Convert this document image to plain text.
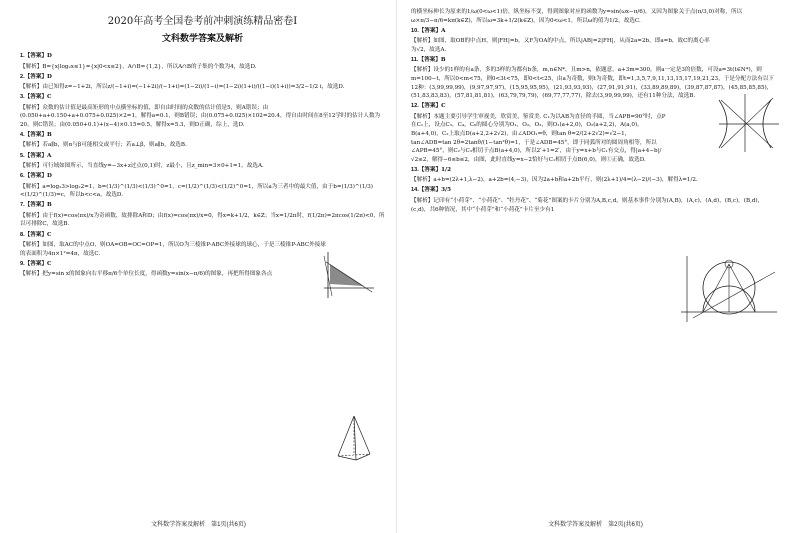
2020年高考全国卷考前冲刺演练精品密卷Ⅰ
文科数学答案及解析
1.【答案】D
【解析】B={x|log₂x≤1}={x|0<x≤2}，A∩B={1,2}，所以A∩B的子集的个数为4，故选D.
2.【答案】D
【解析】由已知得z=−1+2i，所以z/(−1+i)=(−1+2i)/(−1+i)=(1−2i)/(1−i)=(1−2i)(1+i)/((1−i)(1+i))=3/2−1/2 i，故选D.
3.【答案】C
【解析】众数的估计值是最高矩形的中点横坐标的值，即自由时间的众数的估计值是5，则A错误；由(0.050+a+0.150+a+0.075+0.025)×2=1，解得a=0.1，则B错误；由(0.075+0.025)×102=20.4，得自由时间在8至12学时的估计人数为20，则C错误；由(0.050+0.1)+(x−4)×0.15=0.5，解得x=5.3，则D正确，综上，选D.
4.【答案】B
【解析】若a∥b，则α与β可能相交或平行；若a⊥β，则a∥b，故选B.
5.【答案】A
【解析】可行域如图所示，当直线y=−3x+z过点(0,1)时，z最小，且z_min=3×0+1=1，故选A.
6.【答案】D
【解析】a=log₂3>log₂2=1，b=(1/3)^(1/3)<(1/3)^0=1，c=(1/2)^(1/3)<(1/2)^0=1，所以a为三者中的最大值，由于b=(1/3)^(1/3)<(1/2)^(1/3)=c，所以b<c<a，故选D.
7.【答案】B
【解析】由于f(x)=cos(πx)/x为奇函数，故排除A和D；由f(x)=cos(πx)/x=0，得x=k+1/2，k∈Z；当x=1/2π时，f(1/2π)=2πcos(1/2π)<0，所以可排除C，故选B.
8.【答案】C
【解析】如图，取AC的中点O，则OA=OB=OC=OP=1，所以O为三棱锥P-ABC外接球的球心，于是三棱锥P-ABC外接球的表面积为4π×1²=4π，故选C.
9.【答案】C
【解析】把y=sin x的图象向右平移π/6个单位长度，得函数y=sin(x−π/6)的图象，再把所得图象各点
文科数学答案及解析　第1页(共6页)
的横坐标伸长为原来的1/ω(0<ω<1)倍，纵坐标不变，得到图象对应的函数为y=sin(ωx−π/6)，又因为图象关于点(π/3,0)对称，所以ω×π/3−π/6=kπ(k∈Z)，所以ω=3k+1/2(k∈Z)，因为0<ω<1，所以ω的值为1/2，故选C.
10.【答案】A
【解析】如图，取OB的中点H，则|FH|=b，又F为OA的中点，所以|AB|=2|FH|，从而2a=2b，即a=b，故C的离心率为√2，故选A.
11.【答案】B
【解析】设少的1样的有a条，多的3样的为都有b条，m,n∈N*，且m>n，依题意，a+3m=300，则a一定是3的倍数，可设a=3t(t∈N*)，则m=100−t，所以0<m<75，则0<3t<75，即0<t<25，由a为奇数，则t为奇数，即t=1,3,5,7,9,11,13,15,17,19,21,23，于是分配方法有以下12种：(3,99,99,99)，(9,97,97,97)，(15,95,95,95)，(21,93,93,93)，(27,91,91,91)，(33,89,89,89)，(39,87,87,87)，(45,85,85,85)，(51,83,83,83)，(57,81,81,81)，(63,79,79,79)，(69,77,77,77)，除去(3,99,99,99)，还有11种分法，故选B.
12.【答案】C
【解析】本题主要引导学生审视美，欣赏美，鉴赏美. C₁为以AB为直径的半圆，当∠APB=90°时，点P在C₁上，设点C₃，C₄，C₆的圆心分别为O₁，O₂，O₃，则O₁(a+2,0)，O₂(a+2,2)，A(a,0)，B(a+4,0)，C₂上取点D(a+2,2+2√2)，由∠ADO₁=θ，则tan θ=2/(2+2√2)=√2−1，tan∠ADB=tan 2θ=2tanθ/(1−tan²θ)=1，于是∠ADB=45°，即于同弧所对的圆周角相等，所以∠APB=45°，则C₂与C₃相切于点B(a+4,0)，所以2ʹ+1=2ʹ，由于y=x+b与C₁有交点，得|a+4−b|/√2≤2，解得−6≤b≤2，由图，此时直线y=x−2恰好与C₁相切于点B(6,0)，则①正确，故选D.
13.【答案】1/2
【解析】a+b=(2λ+1,λ−2)，a+2b=(4,−3)，因为2a+b和a+2b平行，则(2λ+1)/4=(λ−2)/(−3)，解得λ=1/2.
14.【答案】3/5
【解析】记印有“小荷芽”、“小荷花”、“牡丹花”、“菊花”图案的卡片分别为A,B,c,d，则基本事件分别为(A,B)，(A,c)，(A,d)，(B,c)，(B,d)，(c,d)，共6种情况，其中“小荷芽”和“小荷花”卡片至少有1
文科数学答案及解析　第2页(共6页)
